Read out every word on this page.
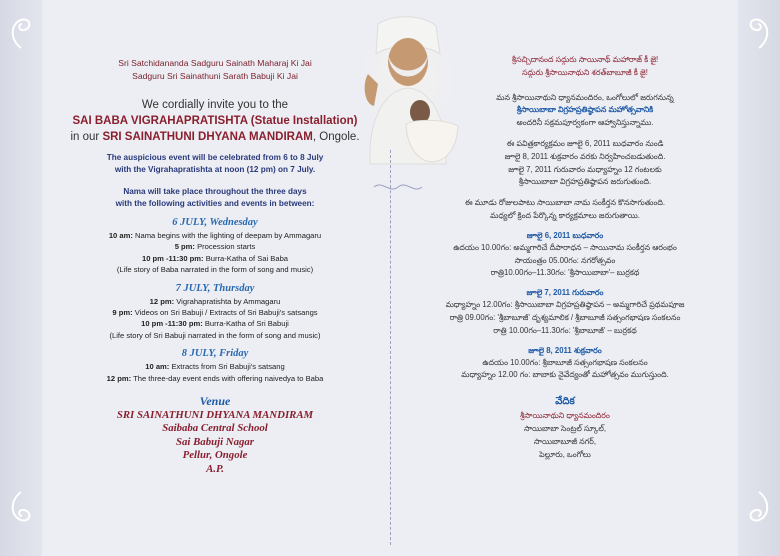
Sri Satchidananda Sadguru Sainath Maharaj Ki Jai
Sadguru Sri Sainathuni Sarath Babuji Ki Jai
We cordially invite you to the
SAI BABA VIGRAHAPRATISHTA (Statue Installation)
in our SRI SAINATHUNI DHYANA MANDIRAM, Ongole.
The auspicious event will be celebrated from 6 to 8 July
with the Vigrahapratishta at noon (12 pm) on 7 July.
Nama will take place throughout the three days
with the following activities and events in between:
6 JULY, Wednesday
10 am: Nama begins with the lighting of deepam by Ammagaru
5 pm: Procession starts
10 pm -11:30 pm: Burra-Katha of Sai Baba
(Life story of Baba narrated in the form of song and music)
7 JULY, Thursday
12 pm: Vigrahapratishta by Ammagaru
9 pm: Videos on Sri Babuji / Extracts of Sri Babuji's satsangs
10 pm -11:30 pm: Burra-Katha of Sri Babuji
(Life story of Sri Babuji narrated in the form of song and music)
8 JULY, Friday
10 am: Extracts from Sri Babuji's satsang
12 pm: The three-day event ends with offering naivedya to Baba
Venue
SRI SAINATHUNI DHYANA MANDIRAM
Saibaba Central School
Sai Babuji Nagar
Pellur, Ongole
A.P.
శ్రీసచ్చిదానంద సద్గురు సాయినాథ్ మహారాజ్ కీ జై!
సద్గురు శ్రీసాయినాథుని శరత్‌బాబూజీ కీ జై!
మన శ్రీసాయినాథుని ధ్యానమందిరం, ఒంగోలులో జరుగనున్న
శ్రీసాయిబాబా విగ్రహప్రతిష్ఠాపన మహోత్సవానికి
అందరినీ సక్రమపూర్వకంగా ఆహ్వానిస్తున్నాము.
ఈ పవిత్రకార్యక్రమం జూలై 6, 2011 బుధవారం నుండి
జూలై 8, 2011 శుక్రవారం వరకు నిర్వహించబడుతుంది.
జూలై 7, 2011 గురువారం మధ్యాహ్నం 12 గంటలకు
శ్రీసాయిబాబా విగ్రహప్రతిష్ఠాపన జరుగుతుంది.
ఈ మూడు రోజులపాటు సాయిబాబా నామ సంకీర్తన కొనసాగుతుంది.
మధ్యలో క్రింద పేర్కొన్న కార్యక్రమాలు జరుగుతాయి.
జూలై 6, 2011 బుధవారం
ఉదయం 10.00గం: అమ్మగారిచే దీపారాధన – సాయినామ సంకీర్తన ఆరంభం
సాయంత్రం 05.00గం: నగరోత్సవం
రాత్రి10.00గం–11.30గం: 'శ్రీసాయిబాబా'– బుర్రకథ
జూలై 7, 2011 గురువారం
మధ్యాహ్నం 12.00గం: శ్రీసాయిబాబా విగ్రహప్రతిష్ఠాపన – అమ్మగారిచే ప్రథమపూజ
రాత్రి 09.00గం: 'శ్రీబాబూజీ' దృశ్యమాలిక / శ్రీబాబూజీ సత్సంగభాషణ సంకలనం
రాత్రి 10.00గం–11.30గం: 'శ్రీబాబూజీ' – బుర్రకథ
జూలై 8, 2011 శుక్రవారం
ఉదయం 10.00గం: శ్రీబాబూజీ సత్సంగభాషణ సంకలనం
మధ్యాహ్నం 12.00 గం: బాబాకు నైవేద్యంతో మహోత్సవం ముగుస్తుంది.
వేదిక
శ్రీసాయినాథుని ధ్యానమందిరం
సాయిబాబా సెంట్రల్ స్కూల్,
సాయిబాబూజీ నగర్,
పెల్లూరు, ఒంగోలు
